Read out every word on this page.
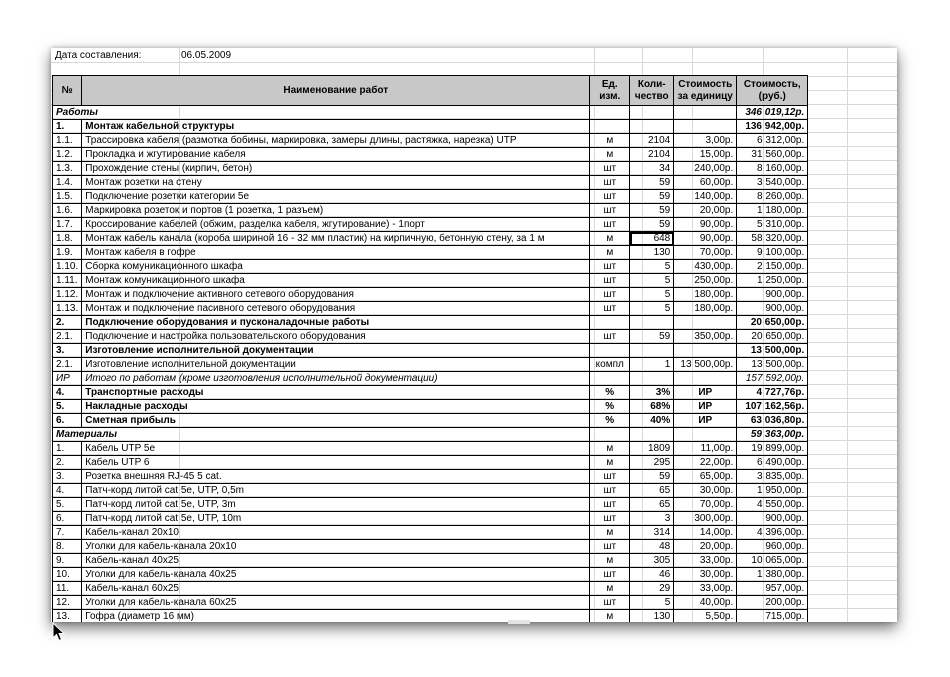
Дата составления:	06.05.2009
№	Наименование работ	Ед. изм.	Коли- чество	Стоимость за единицу	Стоимость, (руб.)
Работы					346 019,12р.
1.	Монтаж кабельной структуры				136 942,00р.
1.1.	Трассировка кабеля (размотка бобины, маркировка, замеры длины, растяжка, нарезка) UTP	м	2104	3,00р.	6 312,00р.
1.2.	Прокладка и жгутирование кабеля	м	2104	15,00р.	31 560,00р.
1.3.	Прохождение стены (кирпич, бетон)	шт	34	240,00р.	8 160,00р.
1.4.	Монтаж розетки на стену	шт	59	60,00р.	3 540,00р.
1.5.	Подключение розетки категории 5е	шт	59	140,00р.	8 260,00р.
1.6.	Маркировка розеток и портов (1 розетка, 1 разъем)	шт	59	20,00р.	1 180,00р.
1.7.	Кроссирование кабелей (обжим, разделка кабеля, жгутирование) - 1порт	шт	59	90,00р.	5 310,00р.
1.8.	Монтаж кабель канала (короба шириной 16 - 32 мм пластик) на кирпичную, бетонную стену, за 1 м	м	648	90,00р.	58 320,00р.
1.9.	Монтаж кабеля в гофре	м	130	70,00р.	9 100,00р.
1.10.	Сборка комуникационного шкафа	шт	5	430,00р.	2 150,00р.
1.11.	Монтаж комуникационного шкафа	шт	5	250,00р.	1 250,00р.
1.12.	Монтаж и подключение активного сетевого оборудования	шт	5	180,00р.	900,00р.
1.13.	Монтаж и подключение пасивного сетевого оборудования	шт	5	180,00р.	900,00р.
2.	Подключение оборудования и пусконаладочные работы				20 650,00р.
2.1.	Подключение и настройка пользовательского оборудования	шт	59	350,00р.	20 650,00р.
3.	Изготовление исполнительной документации				13 500,00р.
2.1.	Изготовление исполнительной документации	компл	1	13 500,00р.	13 500,00р.
ИР	Итого по работам (кроме изготовления исполнительной документации)				157 592,00р.
4.	Транспортные расходы	%	3%	ИР	4 727,76р.
5.	Накладные расходы	%	68%	ИР	107 162,56р.
6.	Сметная прибыль	%	40%	ИР	63 036,80р.
Материалы					59 363,00р.
1.	Кабель UTP 5е	м	1809	11,00р.	19 899,00р.
2.	Кабель UTP 6	м	295	22,00р.	6 490,00р.
3.	Розетка внешняя RJ-45 5 cat.	шт	59	65,00р.	3 835,00р.
4.	Патч-корд литой cat 5е, UTP, 0,5m	шт	65	30,00р.	1 950,00р.
5.	Патч-корд литой cat 5е, UTP, 3m	шт	65	70,00р.	4 550,00р.
6.	Патч-корд литой cat 5е, UTP, 10m	шт	3	300,00р.	900,00р.
7.	Кабель-канал 20х10	м	314	14,00р.	4 396,00р.
8.	Уголки для кабель-канала 20х10	шт	48	20,00р.	960,00р.
9.	Кабель-канал 40х25	м	305	33,00р.	10 065,00р.
10.	Уголки для кабель-канала 40х25	шт	46	30,00р.	1 380,00р.
11.	Кабель-канал 60х25	м	29	33,00р.	957,00р.
12.	Уголки для кабель-канала 60х25	шт	5	40,00р.	200,00р.
13.	Гофра (диаметр 16 мм)	м	130	5,50р.	715,00р.
